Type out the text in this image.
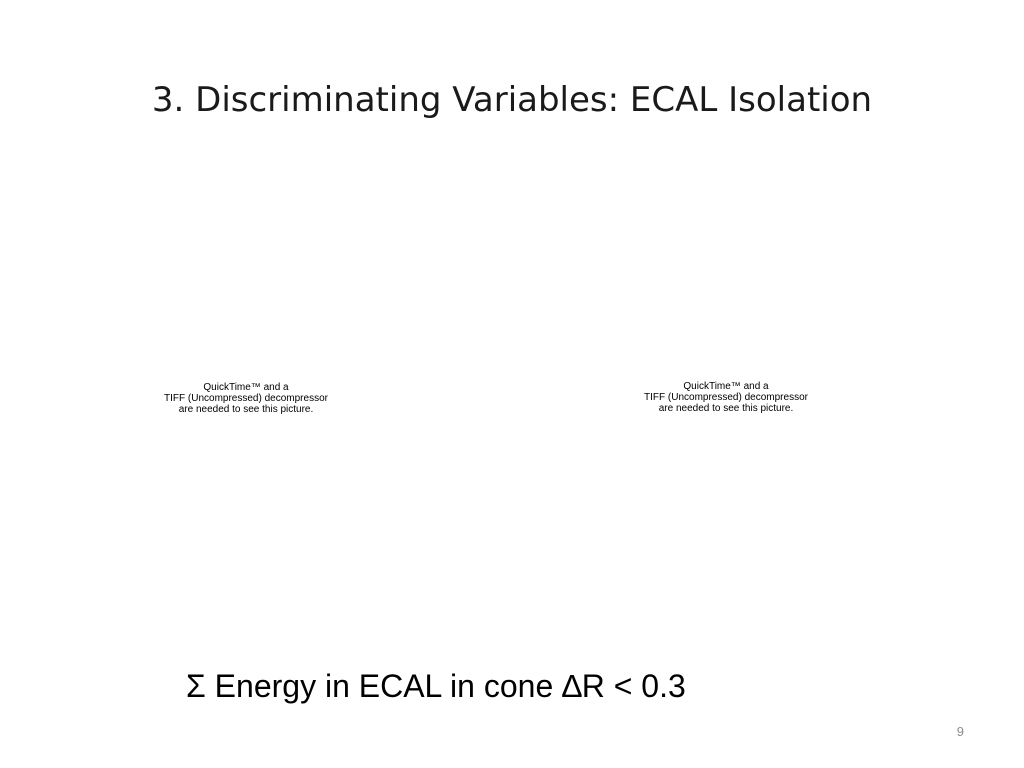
3. Discriminating Variables: ECAL Isolation
QuickTime™ and a
TIFF (Uncompressed) decompressor
are needed to see this picture.
QuickTime™ and a
TIFF (Uncompressed) decompressor
are needed to see this picture.
Σ Energy in ECAL in cone ∆R < 0.3
9
